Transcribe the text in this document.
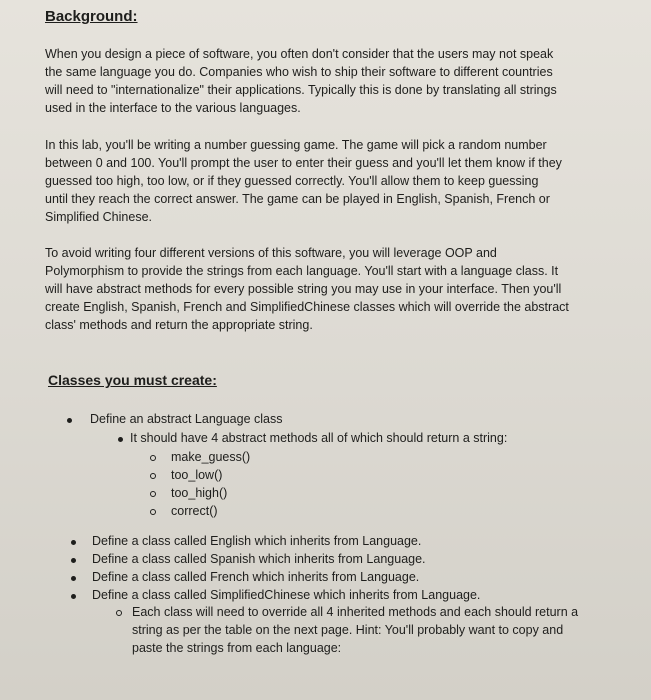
Background:
When you design a piece of software, you often don't consider that the users may not speak
the same language you do. Companies who wish to ship their software to different countries
will need to "internationalize" their applications. Typically this is done by translating all strings
used in the interface to the various languages.
In this lab, you'll be writing a number guessing game. The game will pick a random number
between 0 and 100. You'll prompt the user to enter their guess and you'll let them know if they
guessed too high, too low, or if they guessed correctly. You'll allow them to keep guessing
until they reach the correct answer. The game can be played in English, Spanish, French or
Simplified Chinese.
To avoid writing four different versions of this software, you will leverage OOP and
Polymorphism to provide the strings from each language. You'll start with a language class. It
will have abstract methods for every possible string you may use in your interface. Then you'll
create English, Spanish, French and SimplifiedChinese classes which will override the abstract
class' methods and return the appropriate string.
Classes you must create:
Define an abstract Language class
It should have 4 abstract methods all of which should return a string:
make_guess()
too_low()
too_high()
correct()
Define a class called English which inherits from Language.
Define a class called Spanish which inherits from Language.
Define a class called French which inherits from Language.
Define a class called SimplifiedChinese which inherits from Language.
Each class will need to override all 4 inherited methods and each should return a
string as per the table on the next page. Hint: You'll probably want to copy and
paste the strings from each language:
